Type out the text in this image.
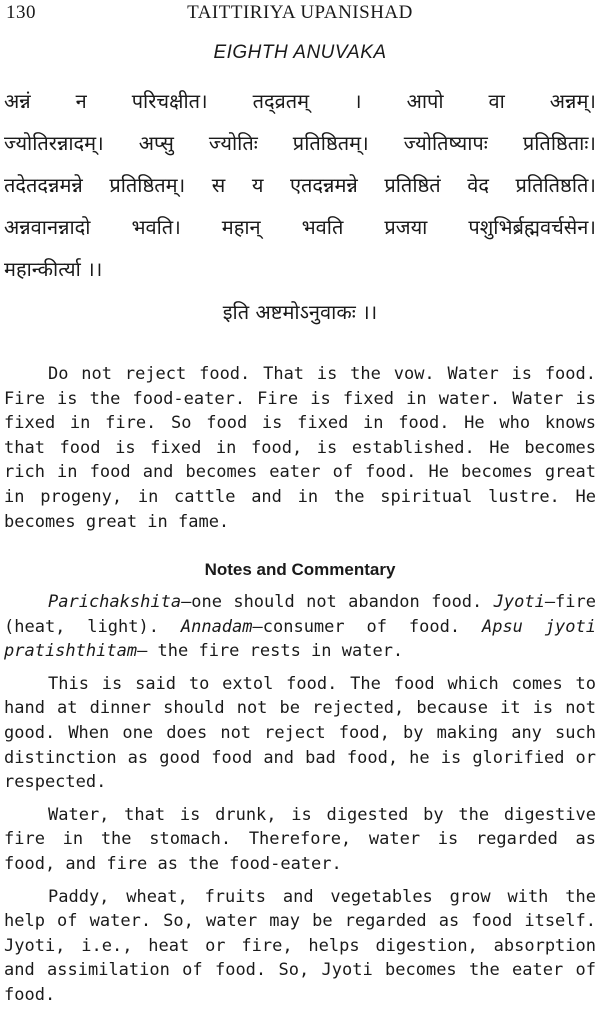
130	TAITTIRIYA UPANISHAD
EIGHTH ANUVAKA
अन्नं न परिचक्षीत। तद्व्रतम् । आपो वा अन्नम्।
ज्योतिरन्नादम्। अप्सु ज्योतिः प्रतिष्ठितम्। ज्योतिष्यापः प्रतिष्ठिताः।
तदेतदन्नमन्ने प्रतिष्ठितम्। स य एतदन्नमन्ने प्रतिष्ठितं वेद प्रतितिष्ठति।
अन्नवानन्नादो भवति। महान् भवति प्रजया पशुभिर्ब्रह्मवर्चसेन।
महान्कीर्त्या ।।
इति अष्टमोऽनुवाकः ।।

Do not reject food. That is the vow. Water is food. Fire is the food-eater. Fire is fixed in water. Water is fixed in fire. So food is fixed in food. He who knows that food is fixed in food, is established. He becomes rich in food and becomes eater of food. He becomes great in progeny, in cattle and in the spiritual lustre. He becomes great in fame.

Notes and Commentary

Parichakshita—one should not abandon food. Jyoti—fire (heat, light). Annadam—consumer of food. Apsu jyoti pratishthitam— the fire rests in water.

This is said to extol food. The food which comes to hand at dinner should not be rejected, because it is not good. When one does not reject food, by making any such distinction as good food and bad food, he is glorified or respected.

Water, that is drunk, is digested by the digestive fire in the stomach. Therefore, water is regarded as food, and fire as the food-eater.

Paddy, wheat, fruits and vegetables grow with the help of water. So, water may be regarded as food itself. Jyoti, i.e., heat or fire, helps digestion, absorption and assimilation of food. So, Jyoti becomes the eater of food.
